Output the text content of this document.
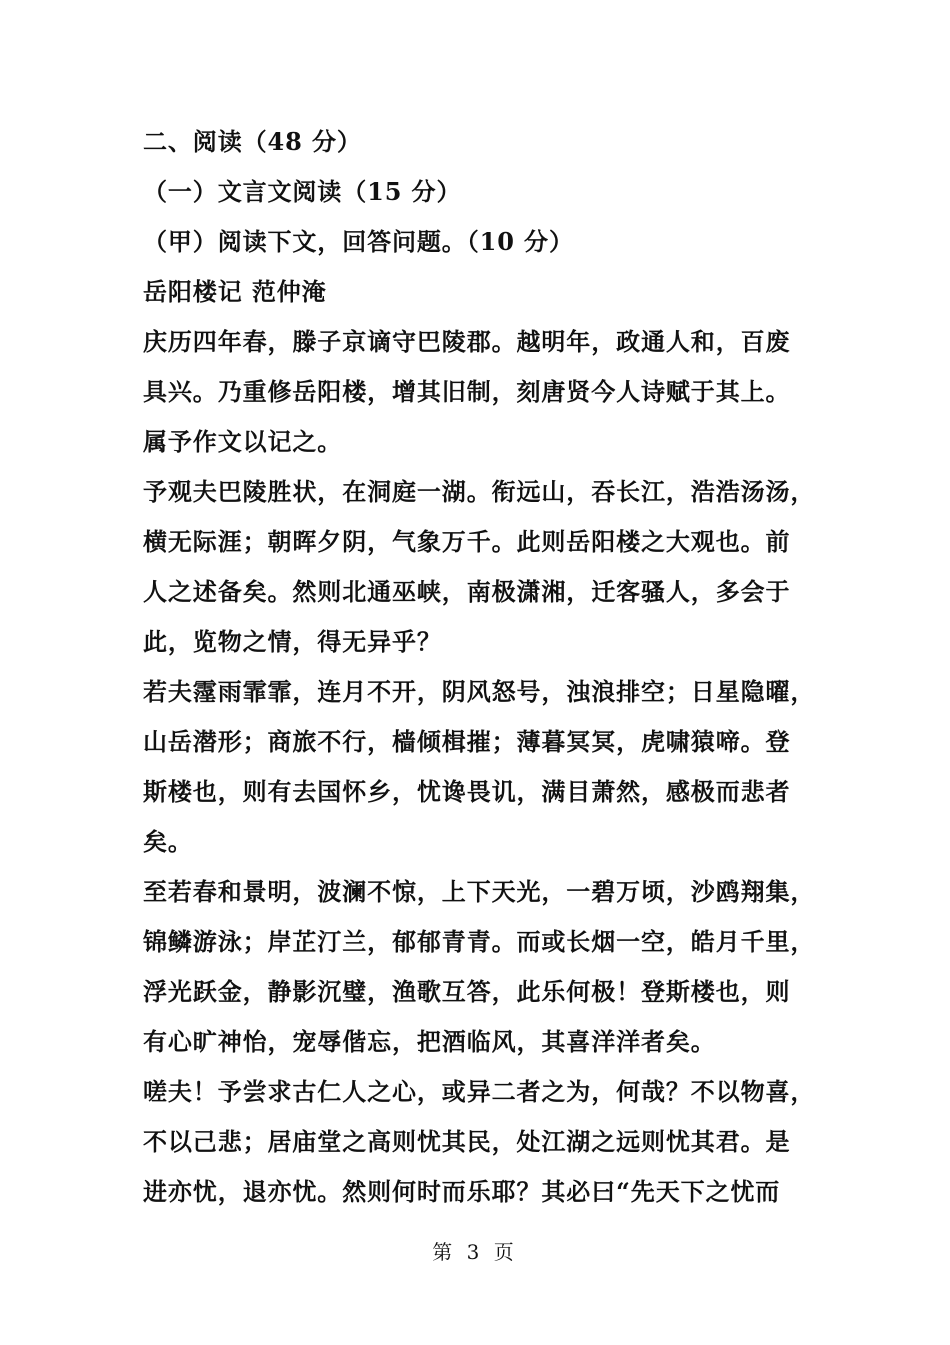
二、阅读（48 分）
（一）文言文阅读（15 分）
（甲）阅读下文，回答问题。（10 分）
岳阳楼记 范仲淹
庆历四年春，滕子京谪守巴陵郡。越明年，政通人和，百废
具兴。乃重修岳阳楼，增其旧制，刻唐贤今人诗赋于其上。
属予作文以记之。
予观夫巴陵胜状，在洞庭一湖。衔远山，吞长江，浩浩汤汤，
横无际涯；朝晖夕阴，气象万千。此则岳阳楼之大观也。前
人之述备矣。然则北通巫峡，南极潇湘，迁客骚人，多会于
此，览物之情，得无异乎？
若夫霪雨霏霏，连月不开，阴风怒号，浊浪排空；日星隐曜，
山岳潜形；商旅不行，樯倾楫摧；薄暮冥冥，虎啸猿啼。登
斯楼也，则有去国怀乡，忧谗畏讥，满目萧然，感极而悲者
矣。
至若春和景明，波澜不惊，上下天光，一碧万顷，沙鸥翔集，
锦鳞游泳；岸芷汀兰，郁郁青青。而或长烟一空，皓月千里，
浮光跃金，静影沉璧，渔歌互答，此乐何极！登斯楼也，则
有心旷神怡，宠辱偕忘，把酒临风，其喜洋洋者矣。
嗟夫！予尝求古仁人之心，或异二者之为，何哉？不以物喜，
不以己悲；居庙堂之高则忧其民，处江湖之远则忧其君。是
进亦忧，退亦忧。然则何时而乐耶？其必曰“先天下之忧而
第 3 页
